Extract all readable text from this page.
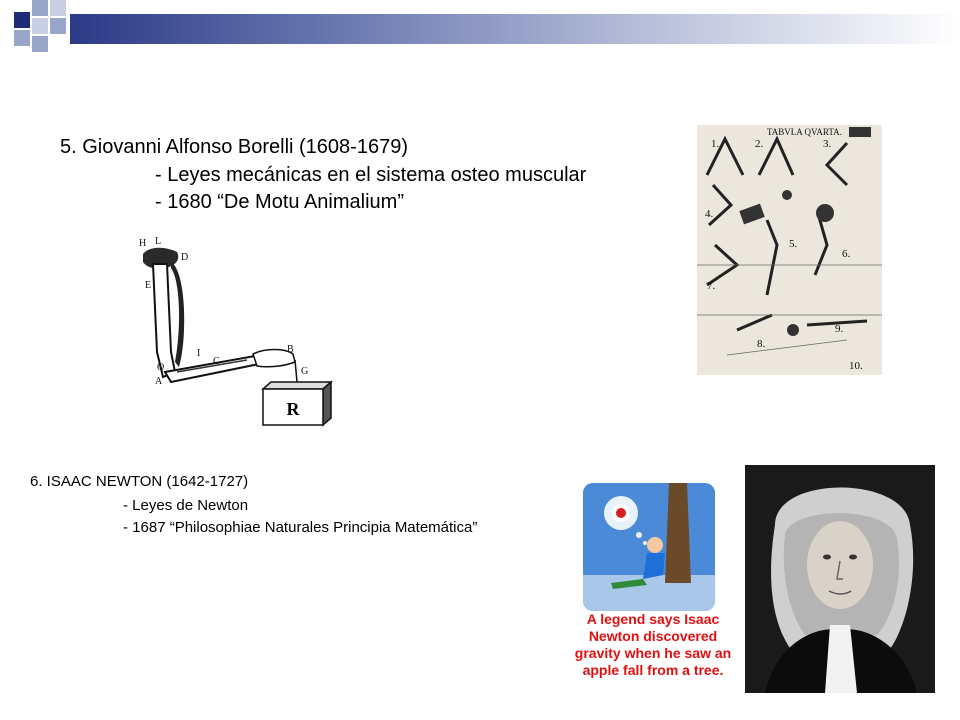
5. Giovanni Alfonso Borelli (1608-1679)
- Leyes mecánicas en el sistema osteo muscular
- 1680 “De Motu Animalium”
R
H L
D
E
O
A
I
C
B
G
TABVLA QVARTA.
1.	2.	3.
4.
5.
6.
7.
8.
9.
10.
6. ISAAC NEWTON (1642-1727)
- Leyes de Newton
- 1687 “Philosophiae Naturales Principia Matemática”
A legend says Isaac Newton discovered gravity when he saw an apple fall from a tree.
